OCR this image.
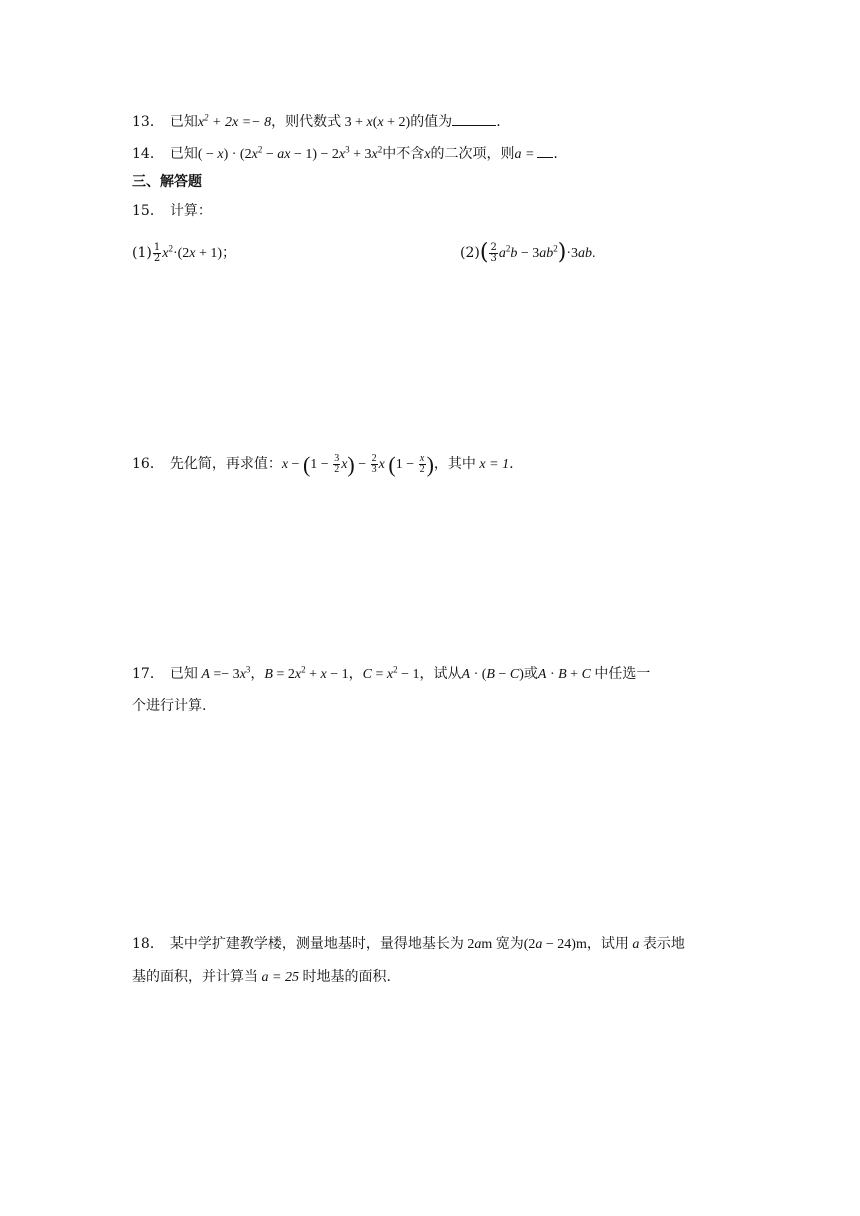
13． 已知$x^2 + 2x =- 8$，则代数式 3 + x(x + 2)的值为	.
14． 已知( − $x) \cdot (2x^2$ − ax − $1) - 2x^3 + 3x^2$中不含x的二次项，则a = .
三、解答题
15． 计算：
$(1) \frac{1}{2} x^2\cdot(2x + 1)$；	$(2)( \frac{2}{3} a^2b - 3ab^2)\cdot 3ab$.
16． 先化简，再求值：$x - (1 - \frac{3}{2} x) - \frac{2}{3}$ x ($1 - \frac{x}{2}$ )，其中 x = 1.
17． 已知 $A =- 3x^3$，$B = 2x^2 + x - 1$，$C = x^2 - 1$，试从A · (B − C)或A · B + C 中任选一
个进行计算.
18． 某中学扩建教学楼，测量地基时，量得地基长为 2am 宽为(2a − 24)m，试用 a 表示地
基的面积，并计算当 a = 25 时地基的面积.
